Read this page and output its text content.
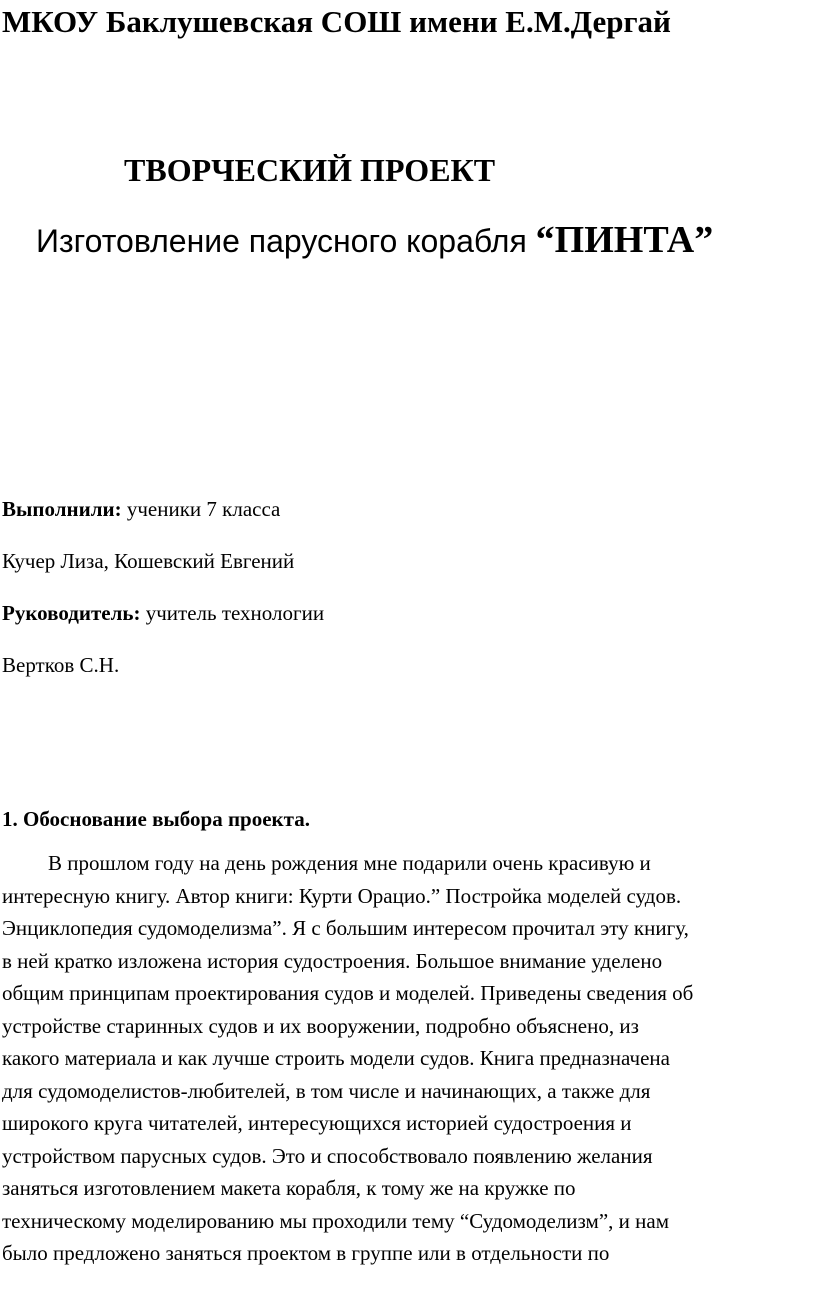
МКОУ Баклушевская СОШ имени Е.М.Дергай
ТВОРЧЕСКИЙ ПРОЕКТ
Изготовление парусного корабля “ПИНТА”
Выполнили: ученики 7 класса
Кучер Лиза, Кошевский Евгений
Руководитель: учитель технологии
Вертков С.Н.
1. Обоснование выбора проекта.
В прошлом году на день рождения мне подарили очень красивую и
интересную книгу. Автор книги: Курти Орацио.” Постройка моделей судов.
Энциклопедия судомоделизма”. Я с большим интересом прочитал эту книгу,
в ней кратко изложена история судостроения. Большое внимание уделено
общим принципам проектирования судов и моделей. Приведены сведения об
устройстве старинных судов и их вооружении, подробно объяснено, из
какого материала и как лучше строить модели судов. Книга предназначена
для судомоделистов-любителей, в том числе и начинающих, а также для
широкого круга читателей, интересующихся историей судостроения и
устройством парусных судов. Это и способствовало появлению желания
заняться изготовлением макета корабля, к тому же на кружке по
техническому моделированию мы проходили тему “Судомоделизм”, и нам
было предложено заняться проектом в группе или в отдельности по
